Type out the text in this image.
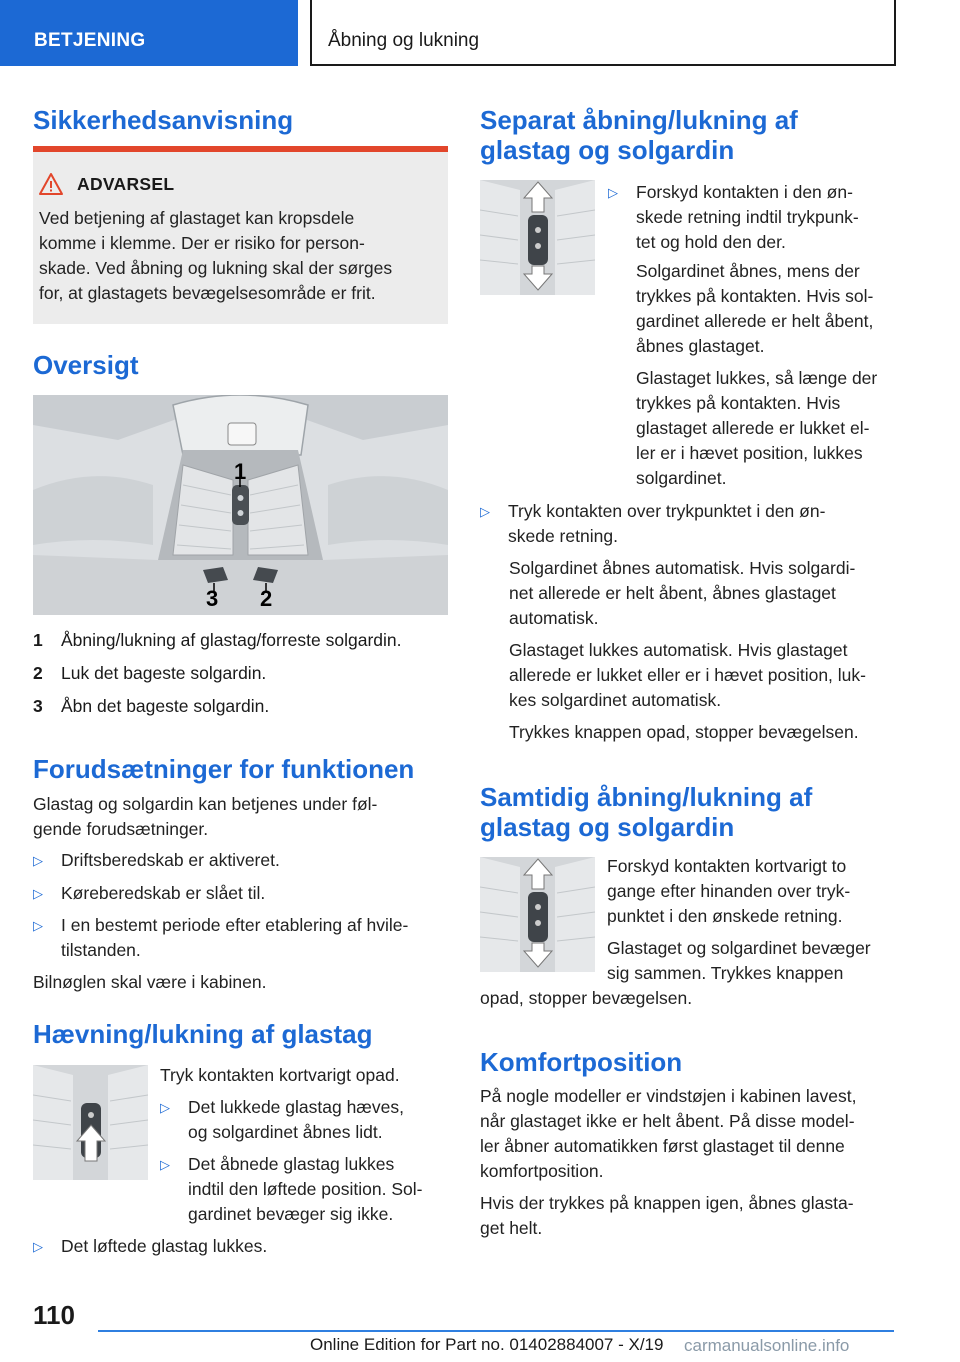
BETJENING	Åbning og lukning
Sikkerhedsanvisning
ADVARSEL
Ved betjening af glastaget kan kropsdele
komme i klemme. Der er risiko for person-
skade. Ved åbning og lukning skal der sørges
for, at glastagets bevægelsesområde er frit.
Oversigt
1
3 2
1 Åbning/lukning af glastag/forreste solgardin.
2 Luk det bageste solgardin.
3 Åbn det bageste solgardin.
Forudsætninger for funktionen
Glastag og solgardin kan betjenes under føl-
gende forudsætninger.
▷ Driftsberedskab er aktiveret.
▷ Køreberedskab er slået til.
▷ I en bestemt periode efter etablering af hvile-
tilstanden.
Bilnøglen skal være i kabinen.
Hævning/lukning af glastag
Tryk kontakten kortvarigt opad.
▷ Det lukkede glastag hæves,
og solgardinet åbnes lidt.
▷ Det åbnede glastag lukkes
indtil den løftede position. Sol-
gardinet bevæger sig ikke.
▷ Det løftede glastag lukkes.
Separat åbning/lukning af
glastag og solgardin
▷ Forskyd kontakten i den øn-
skede retning indtil trykpunk-
tet og hold den der.
Solgardinet åbnes, mens der
trykkes på kontakten. Hvis sol-
gardinet allerede er helt åbent,
åbnes glastaget.
Glastaget lukkes, så længe der
trykkes på kontakten. Hvis
glastaget allerede er lukket el-
ler er i hævet position, lukkes
solgardinet.
▷ Tryk kontakten over trykpunktet i den øn-
skede retning.
Solgardinet åbnes automatisk. Hvis solgardi-
net allerede er helt åbent, åbnes glastaget
automatisk.
Glastaget lukkes automatisk. Hvis glastaget
allerede er lukket eller er i hævet position, luk-
kes solgardinet automatisk.
Trykkes knappen opad, stopper bevægelsen.
Samtidig åbning/lukning af
glastag og solgardin
Forskyd kontakten kortvarigt to
gange efter hinanden over tryk-
punktet i den ønskede retning.
Glastaget og solgardinet bevæger
sig sammen. Trykkes knappen
opad, stopper bevægelsen.
Komfortposition
På nogle modeller er vindstøjen i kabinen lavest,
når glastaget ikke er helt åbent. På disse model-
ler åbner automatikken først glastaget til denne
komfortposition.
Hvis der trykkes på knappen igen, åbnes glasta-
get helt.
110
Online Edition for Part no. 01402884007 - X/19 carmanualsonline.info
